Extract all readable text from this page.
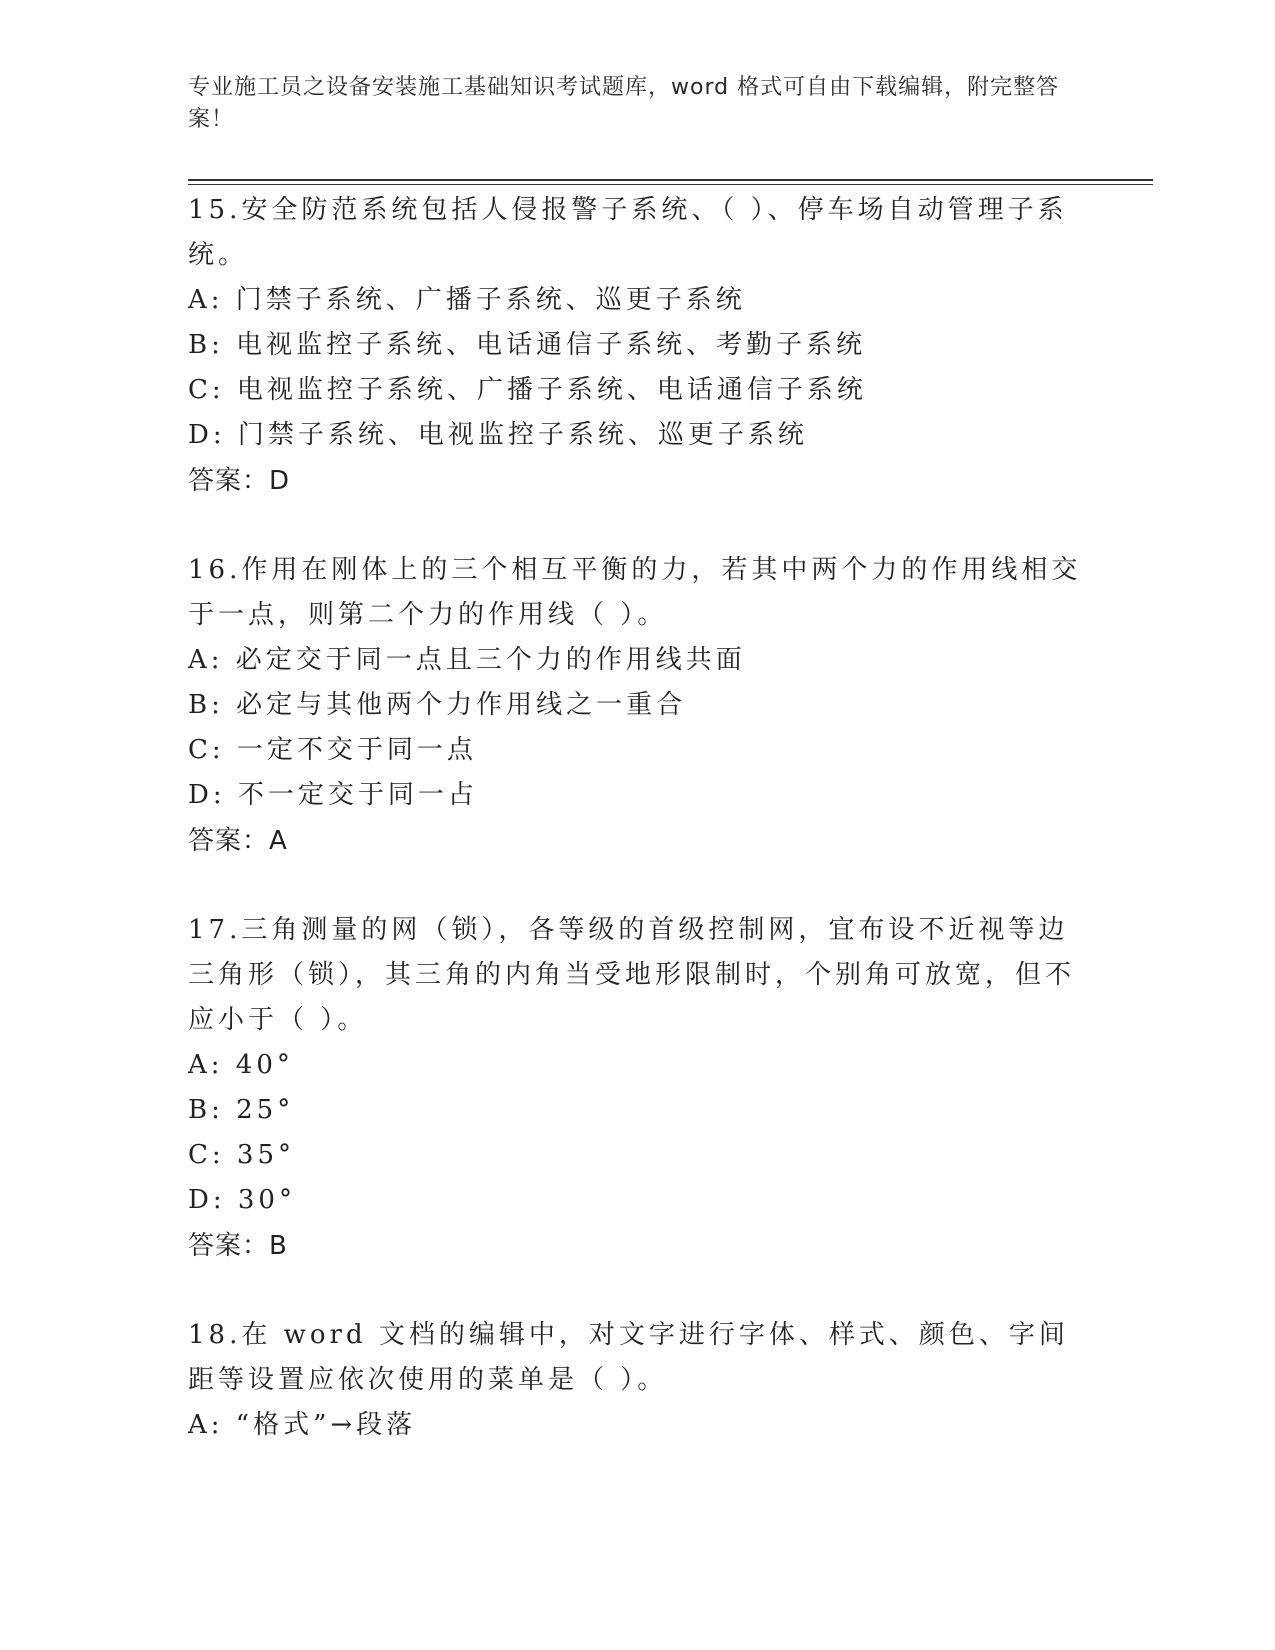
专业施工员之设备安装施工基础知识考试题库，word 格式可自由下载编辑，附完整答案！
15.安全防范系统包括人侵报警子系统、（ ）、停车场自动管理子系统。
A: 门禁子系统、广播子系统、巡更子系统
B: 电视监控子系统、电话通信子系统、考勤子系统
C: 电视监控子系统、广播子系统、电话通信子系统
D: 门禁子系统、电视监控子系统、巡更子系统
答案：D
16.作用在刚体上的三个相互平衡的力，若其中两个力的作用线相交于一点，则第二个力的作用线（ ）。
A: 必定交于同一点且三个力的作用线共面
B: 必定与其他两个力作用线之一重合
C: 一定不交于同一点
D: 不一定交于同一占
答案：A
17.三角测量的网（锁），各等级的首级控制网，宜布设不近视等边三角形（锁），其三角的内角当受地形限制时，个别角可放宽，但不应小于（ ）。
A: 40°
B: 25°
C: 35°
D: 30°
答案：B
18.在 word 文档的编辑中，对文字进行字体、样式、颜色、字间距等设置应依次使用的菜单是（ ）。
A: “格式”→段落
